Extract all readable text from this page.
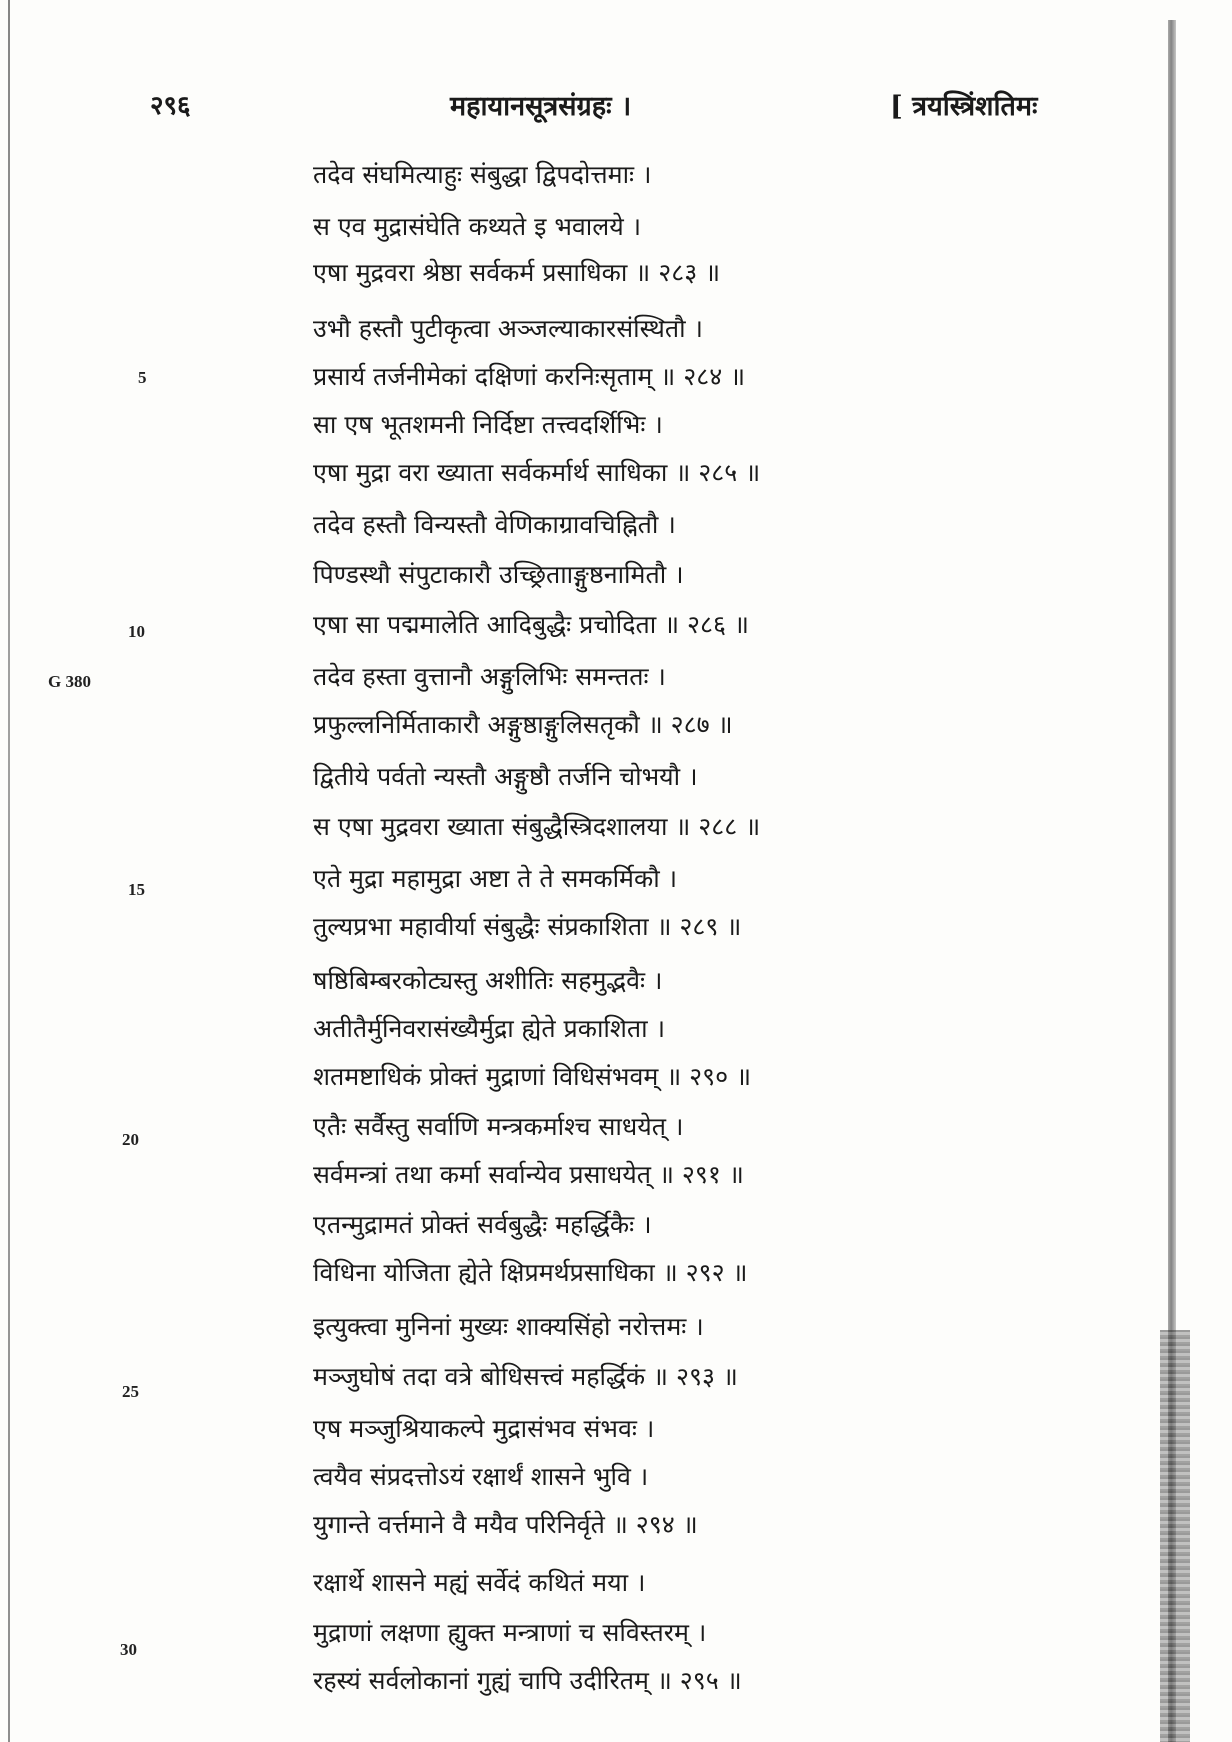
२९६	महायानसूत्रसंग्रहः ।	[ त्रयस्त्रिंशतिमः
5
10
G 380
15
20
25
30
तदेव संघमित्याहुः संबुद्धा द्विपदोत्तमाः ।
स एव मुद्रासंघेति कथ्यते इ भवालये ।
एषा मुद्रवरा श्रेष्ठा सर्वकर्म प्रसाधिका ॥ २८३ ॥
उभौ हस्तौ पुटीकृत्वा अञ्जल्याकारसंस्थितौ ।
प्रसार्य तर्जनीमेकां दक्षिणां करनिःसृताम् ॥ २८४ ॥
सा एष भूतशमनी निर्दिष्टा तत्त्वदर्शिभिः ।
एषा मुद्रा वरा ख्याता सर्वकर्मार्थ साधिका ॥ २८५ ॥
तदेव हस्तौ विन्यस्तौ वेणिकाग्रावचिह्नितौ ।
पिण्डस्थौ संपुटाकारौ उच्छ्रितााङ्गुष्ठनामितौ ।
एषा सा पद्ममालेति आदिबुद्धैः प्रचोदिता ॥ २८६ ॥
तदेव हस्ता वुत्तानौ अङ्गुलिभिः समन्ततः ।
प्रफुल्लनिर्मिताकारौ अङ्गुष्ठाङ्गुलिसतृकौ ॥ २८७ ॥
द्वितीये पर्वतो न्यस्तौ अङ्गुष्ठौ तर्जनि चोभयौ ।
स एषा मुद्रवरा ख्याता संबुद्धैस्त्रिदशालया ॥ २८८ ॥
एते मुद्रा महामुद्रा अष्टा ते ते समकर्मिकौ ।
तुल्यप्रभा महावीर्या संबुद्धैः संप्रकाशिता ॥ २८९ ॥
षष्ठिबिम्बरकोट्यस्तु अशीतिः सहमुद्भवैः ।
अतीतैर्मुनिवरासंख्यैर्मुद्रा ह्येते प्रकाशिता ।
शतमष्टाधिकं प्रोक्तं मुद्राणां विधिसंभवम् ॥ २९० ॥
एतैः सर्वैस्तु सर्वाणि मन्त्रकर्माश्च साधयेत् ।
सर्वमन्त्रां तथा कर्मा सर्वान्येव प्रसाधयेत् ॥ २९१ ॥
एतन्मुद्रामतं प्रोक्तं सर्वबुद्धैः महर्द्धिकैः ।
विधिना योजिता ह्येते क्षिप्रमर्थप्रसाधिका ॥ २९२ ॥
इत्युक्त्वा मुनिनां मुख्यः शाक्यसिंहो नरोत्तमः ।
मञ्जुघोषं तदा वत्रे बोधिसत्त्वं महर्द्धिकं ॥ २९३ ॥
एष मञ्जुश्रियाकल्पे मुद्रासंभव संभवः ।
त्वयैव संप्रदत्तोऽयं रक्षार्थं शासने भुवि ।
युगान्ते वर्त्तमाने वै मयैव परिनिर्वृते ॥ २९४ ॥
रक्षार्थे शासने मह्यं सर्वेदं कथितं मया ।
मुद्राणां लक्षणा ह्युक्त मन्त्राणां च सविस्तरम् ।
रहस्यं सर्वलोकानां गुह्यं चापि उदीरितम् ॥ २९५ ॥
